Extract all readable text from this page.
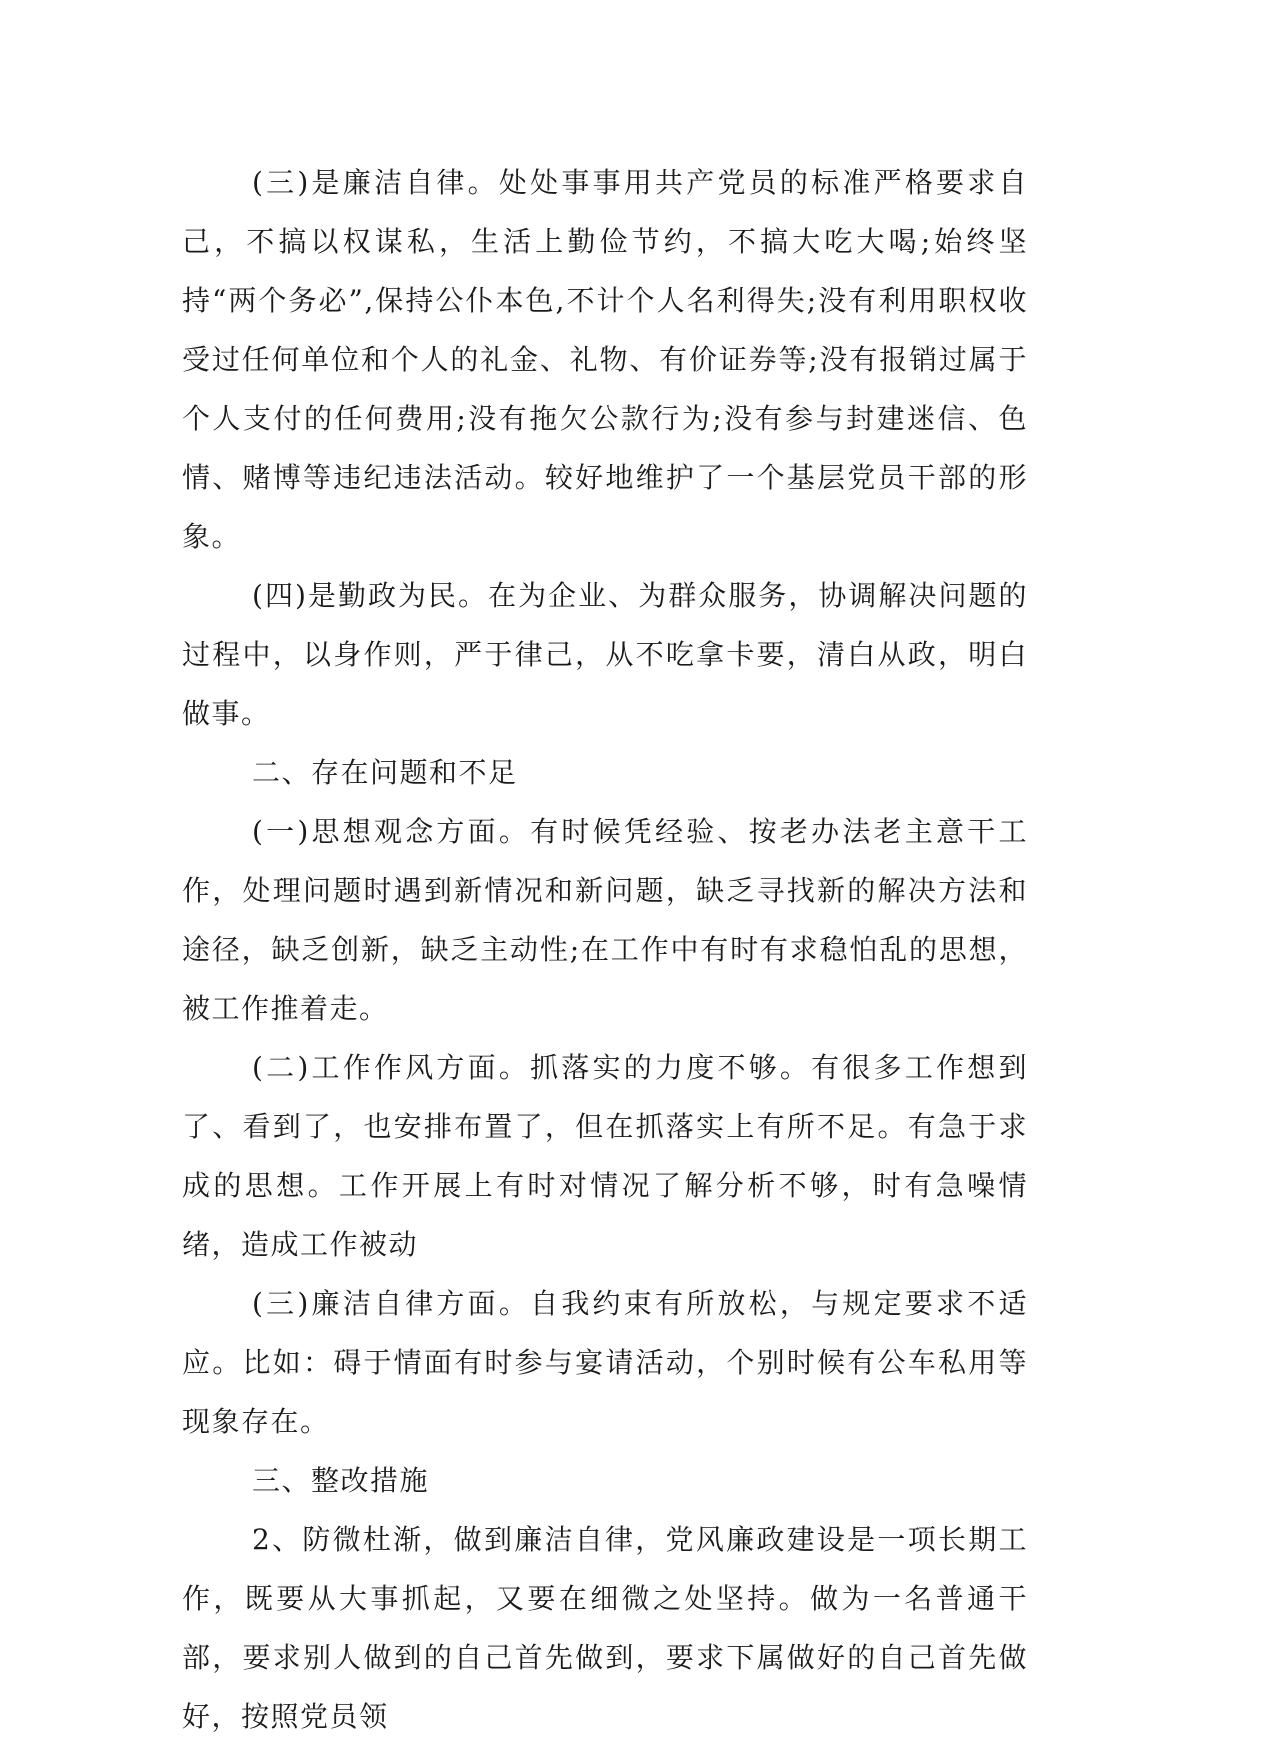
(三)是廉洁自律。处处事事用共产党员的标准严格要求自己，不搞以权谋私，生活上勤俭节约，不搞大吃大喝;始终坚持“两个务必”,保持公仆本色,不计个人名利得失;没有利用职权收受过任何单位和个人的礼金、礼物、有价证券等;没有报销过属于个人支付的任何费用;没有拖欠公款行为;没有参与封建迷信、色情、赌博等违纪违法活动。较好地维护了一个基层党员干部的形象。

(四)是勤政为民。在为企业、为群众服务，协调解决问题的过程中，以身作则，严于律己，从不吃拿卡要，清白从政，明白做事。

二、存在问题和不足

(一)思想观念方面。有时候凭经验、按老办法老主意干工作，处理问题时遇到新情况和新问题，缺乏寻找新的解决方法和途径，缺乏创新，缺乏主动性;在工作中有时有求稳怕乱的思想，被工作推着走。

(二)工作作风方面。抓落实的力度不够。有很多工作想到了、看到了，也安排布置了，但在抓落实上有所不足。有急于求成的思想。工作开展上有时对情况了解分析不够，时有急噪情绪，造成工作被动

(三)廉洁自律方面。自我约束有所放松，与规定要求不适应。比如：碍于情面有时参与宴请活动，个别时候有公车私用等现象存在。

三、整改措施

2、防微杜渐，做到廉洁自律，党风廉政建设是一项长期工作，既要从大事抓起，又要在细微之处坚持。做为一名普通干部，要求别人做到的自己首先做到，要求下属做好的自己首先做好，按照党员领
